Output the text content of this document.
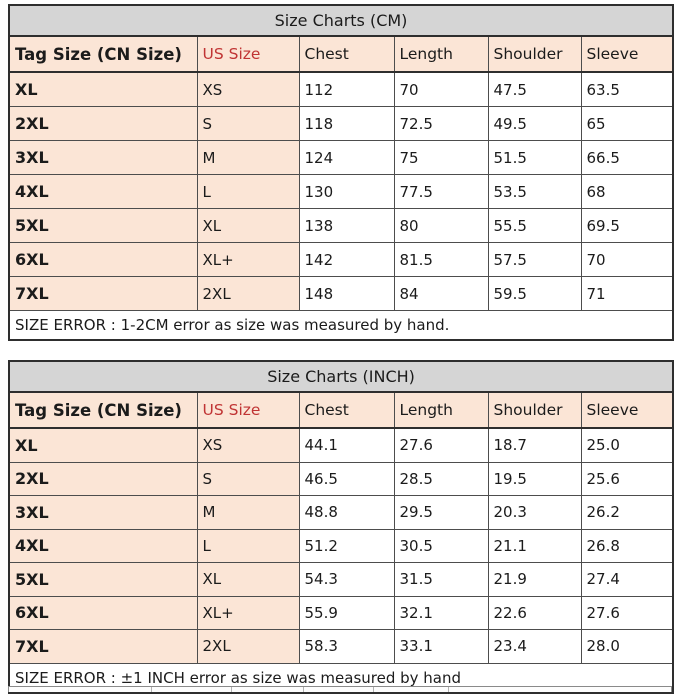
Size Charts (CM)					
Tag Size (CN Size)	US Size	Chest	Length	Shoulder	Sleeve
XL	XS	112	70	47.5	63.5
2XL	S	118	72.5	49.5	65
3XL	M	124	75	51.5	66.5
4XL	L	130	77.5	53.5	68
5XL	XL	138	80	55.5	69.5
6XL	XL+	142	81.5	57.5	70
7XL	2XL	148	84	59.5	71
SIZE ERROR : 1-2CM error as size was measured by hand.					
Size Charts (INCH)					
Tag Size (CN Size)	US Size	Chest	Length	Shoulder	Sleeve
XL	XS	44.1	27.6	18.7	25.0
2XL	S	46.5	28.5	19.5	25.6
3XL	M	48.8	29.5	20.3	26.2
4XL	L	51.2	30.5	21.1	26.8
5XL	XL	54.3	31.5	21.9	27.4
6XL	XL+	55.9	32.1	22.6	27.6
7XL	2XL	58.3	33.1	23.4	28.0
SIZE ERROR : ±1 INCH error as size was measured by hand					
